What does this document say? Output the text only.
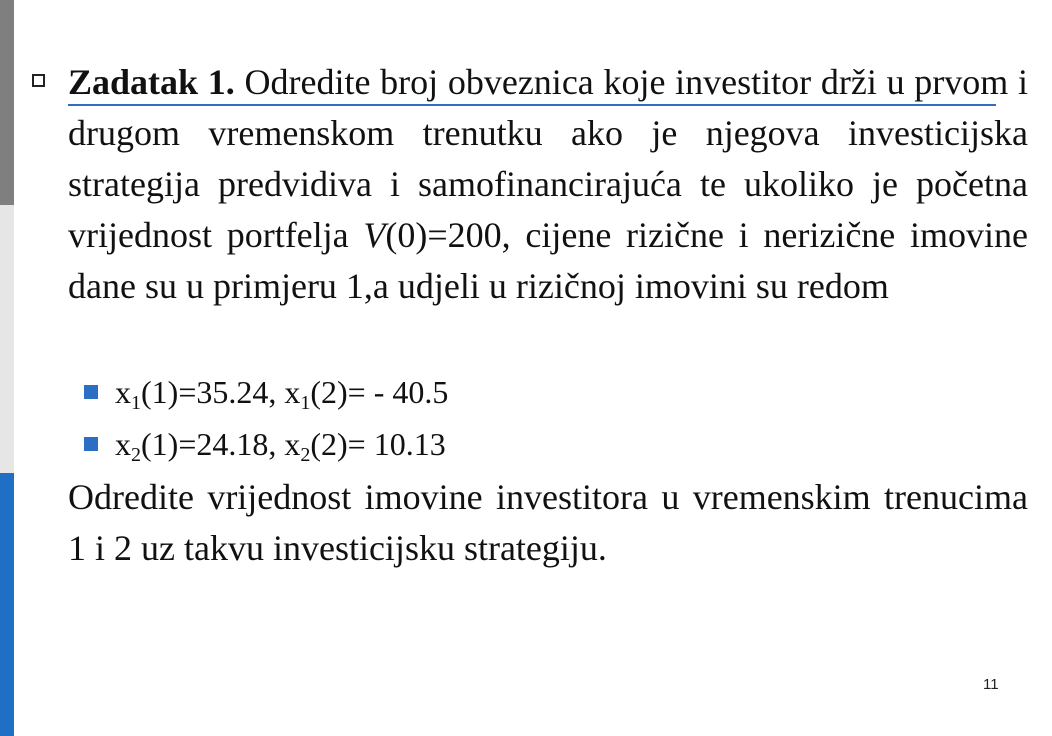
Zadatak 1. Odredite broj obveznica koje investitor drži u prvom i drugom vremenskom trenutku ako je njegova investicijska strategija predvidiva i samofinancirajuća te ukoliko je početna vrijednost portfelja V(0)=200, cijene rizične i nerizične imovine dane su u primjeru 1,a udjeli u rizičnoj imovini su redom

$x_1(1)=35.24$, $x_1(2)= - 40.5$
$x_2(1)=24.18$, $x_2(2)= 10.13$

Odredite vrijednost imovine investitora u vremenskim trenucima 1 i 2 uz takvu investicijsku strategiju.

11
